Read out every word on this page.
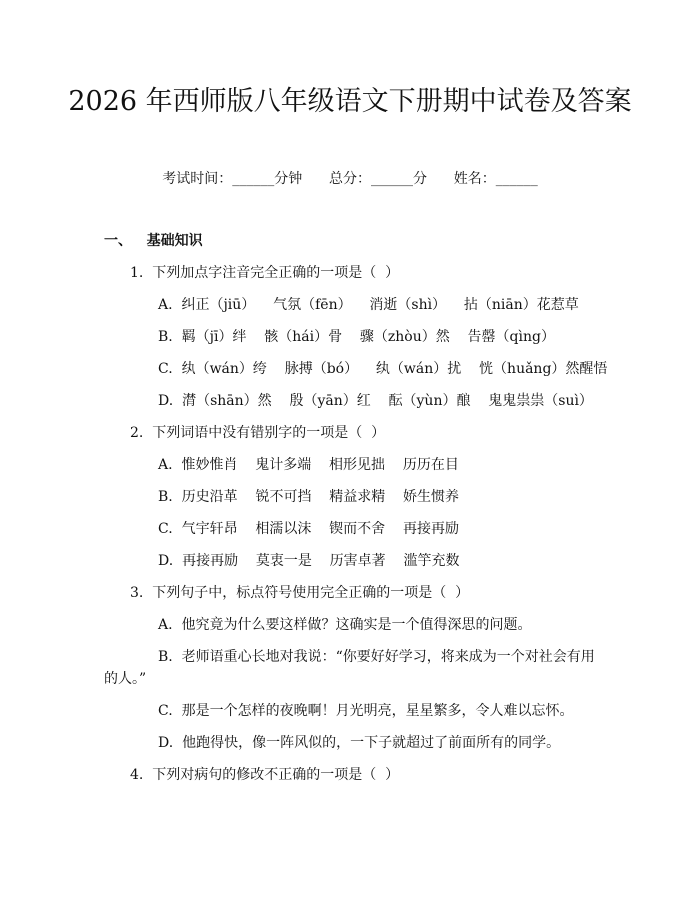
2026 年西师版八年级语文下册期中试卷及答案
考试时间：______分钟      总分：______分      姓名：______
一、   基础知识
1.  下列加点字注音完全正确的一项是（  ）
A.  纠正（jiū）    气氛（fēn）    消逝（shì）    拈（niān）花惹草
B.  羁（jī）绊    骸（hái）骨    骤（zhòu）然    告罄（qìng）
C.  纨（wán）绔    脉搏（bó）    纨（wán）扰    恍（huǎng）然醒悟
D.  潸（shān）然    殷（yān）红    酝（yùn）酿    鬼鬼祟祟（suì）
2.  下列词语中没有错别字的一项是（  ）
A.  惟妙惟肖    鬼计多端    相形见拙    历历在目
B.  历史沿革    锐不可挡    精益求精    娇生惯养
C.  气宇轩昂    相濡以沫    锲而不舍    再接再励
D.  再接再励    莫衷一是    历害卓著    滥竽充数
3.  下列句子中，标点符号使用完全正确的一项是（  ）
A.  他究竟为什么要这样做？这确实是一个值得深思的问题。
B.  老师语重心长地对我说：“你要好好学习，将来成为一个对社会有用
的人。”
C.  那是一个怎样的夜晚啊！月光明亮，星星繁多，令人难以忘怀。
D.  他跑得快，像一阵风似的，一下子就超过了前面所有的同学。
4.  下列对病句的修改不正确的一项是（  ）
